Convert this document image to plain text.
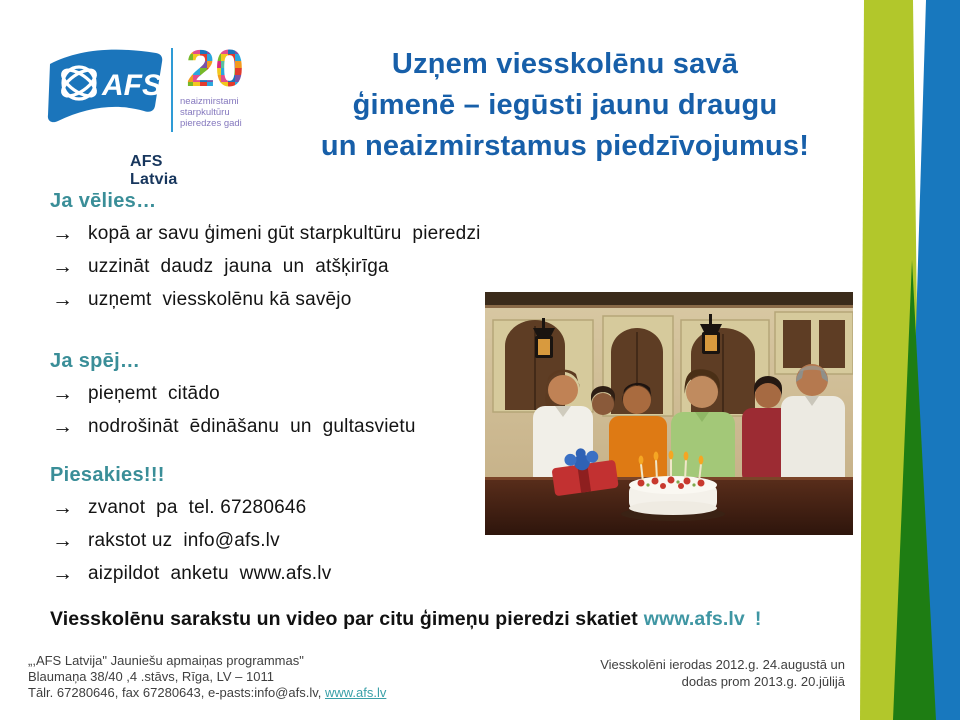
AFS
AFS Latvia
20
neaizmirstami
starpkultūru
pieredzes gadi
Uzņem viesskolēnu savā
ģimenē – iegūsti jaunu draugu
un neaizmirstamus piedzīvojumus!
Ja vēlies…
→ kopā ar savu ģimeni gūt starpkultūru  pieredzi
→ uzzināt  daudz  jauna  un  atšķirīga
→ uzņemt  viesskolēnu kā savējo
Ja spēj…
→ pieņemt  citādo
→ nodrošināt  ēdināšanu  un  gultasvietu
Piesakies!!!
→ zvanot  pa  tel. 67280646
→ rakstot uz  info@afs.lv
→ aizpildot  anketu  www.afs.lv
Viesskolēnu sarakstu un video par citu ģimeņu pieredzi skatiet www.afs.lv !
„,AFS Latvija" Jauniešu apmaiņas programmas"
Blaumaņa 38/40 ,4 .stāvs, Rīga, LV – 1011
Tālr. 67280646, fax 67280643, e-pasts:info@afs.lv, www.afs.lv
Viesskolēni ierodas 2012.g. 24.augustā un
dodas prom 2013.g. 20.jūlijā
